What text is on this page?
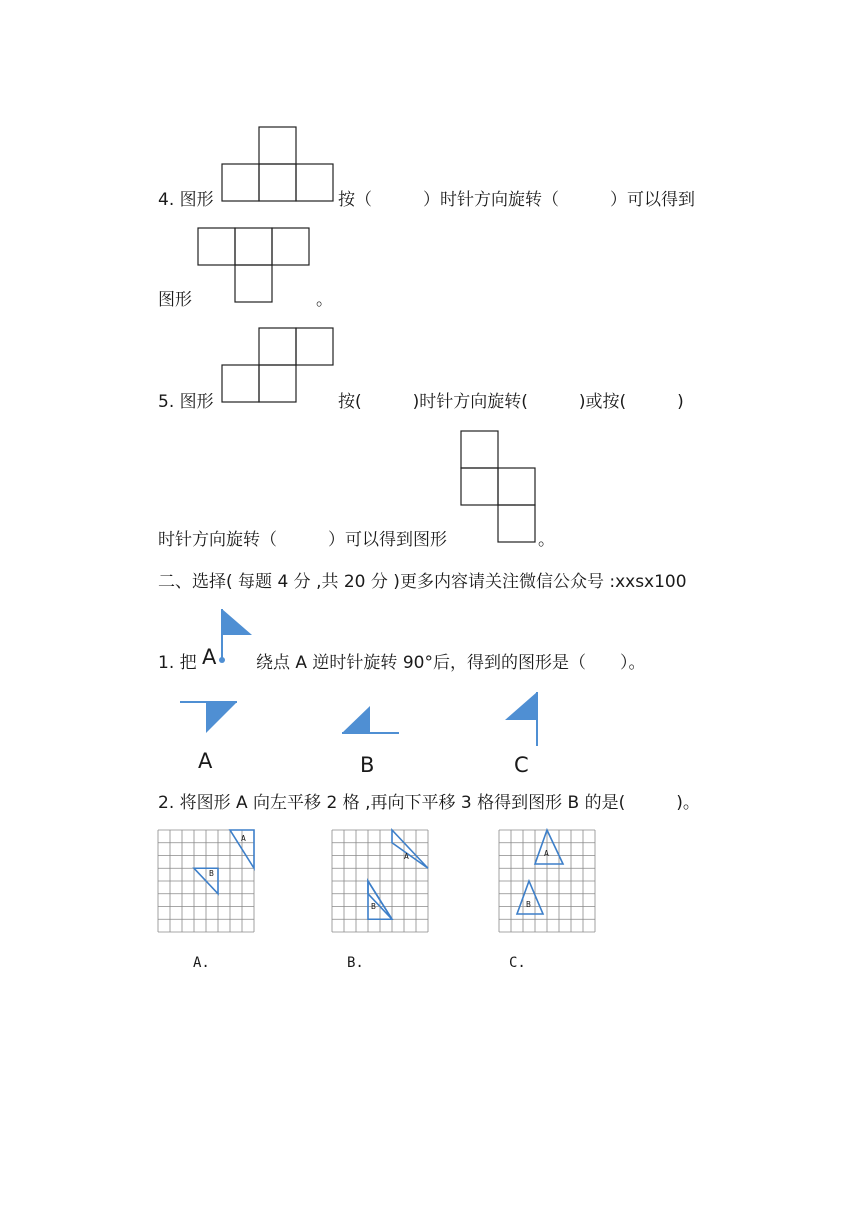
4. 图形	按（　　　）时针方向旋转（　　　）可以得到
图形	。
5. 图形	按(　　　)时针方向旋转(　　　)或按(　　　)
时针方向旋转（　　　）可以得到图形	。
二、选择( 每题 4 分 ,共 20 分 )更多内容请关注微信公众号 :xxsx100
1. 把 A 绕点 A 逆时针旋转 90°后，得到的图形是（　　）。
A	B	C
2. 将图形 A 向左平移 2 格 ,再向下平移 3 格得到图形 B 的是(　　　)。
A
B
A
B
A
B
A.	B.	C.
